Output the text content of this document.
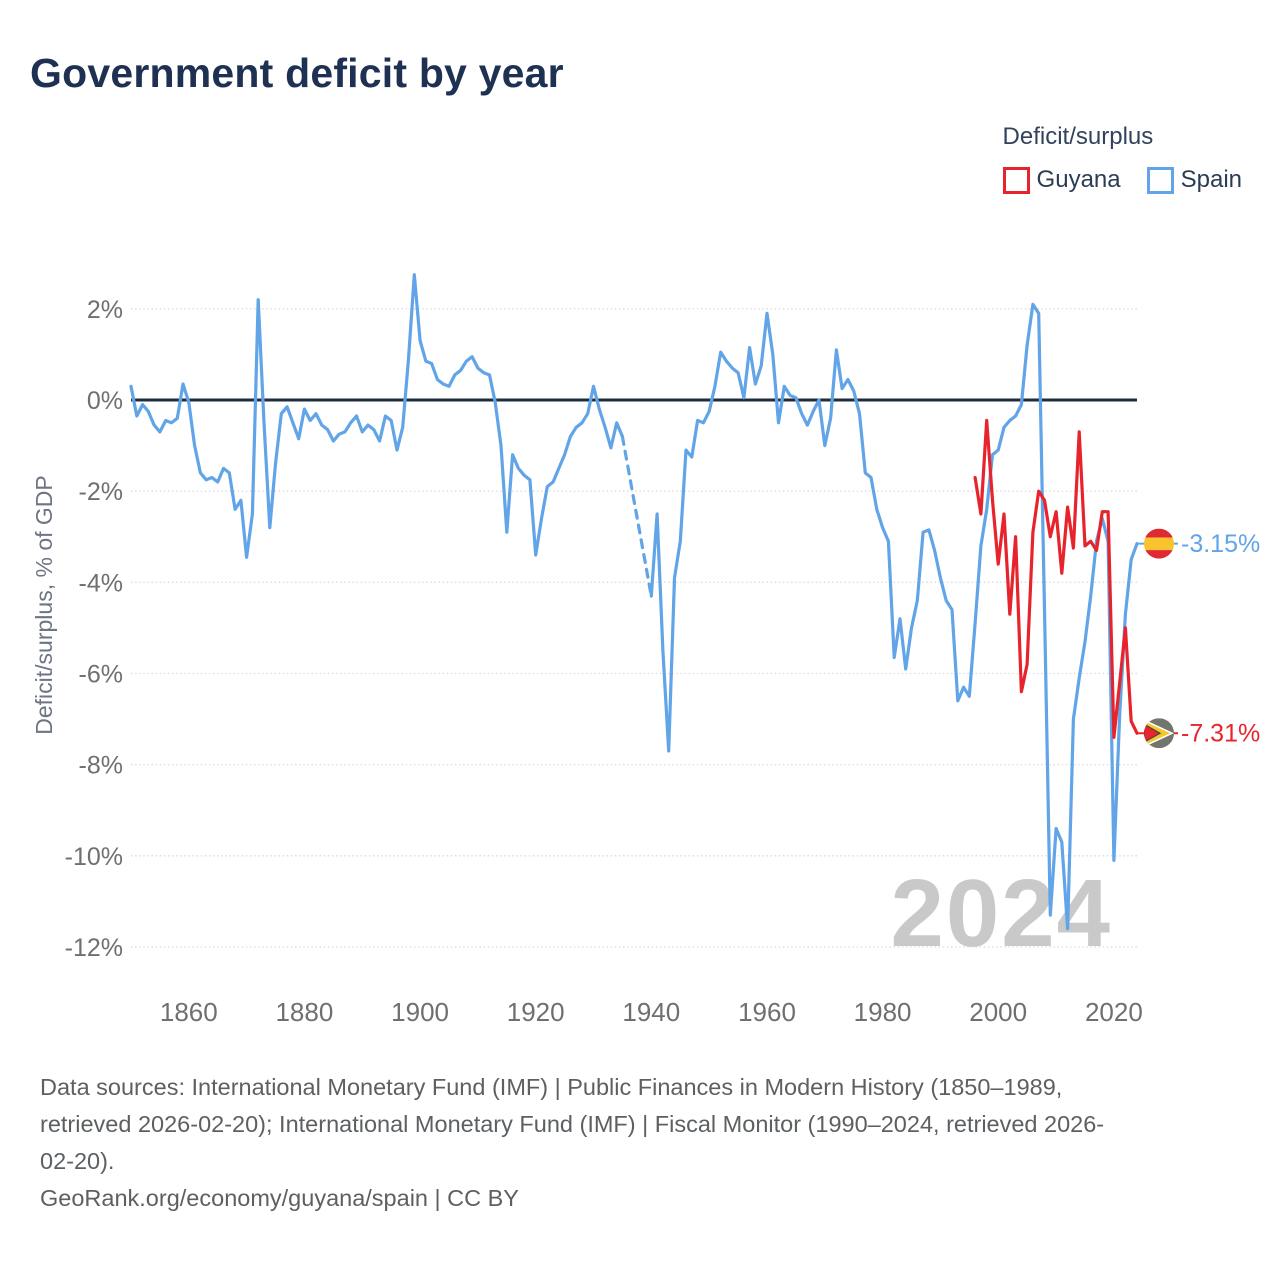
Government deficit by year
Deficit/surplus
Guyana	Spain
Deficit/surplus, % of GDP
2024
2%
0%
-2%
-4%
-6%
-8%
-10%
-12%
1860 1880 1900 1920 1940 1960 1980 2000 2020
-3.15%
-7.31%
Data sources: International Monetary Fund (IMF) | Public Finances in Modern History (1850–1989,
retrieved 2026-02-20); International Monetary Fund (IMF) | Fiscal Monitor (1990–2024, retrieved 2026-
02-20).
GeoRank.org/economy/guyana/spain | CC BY
